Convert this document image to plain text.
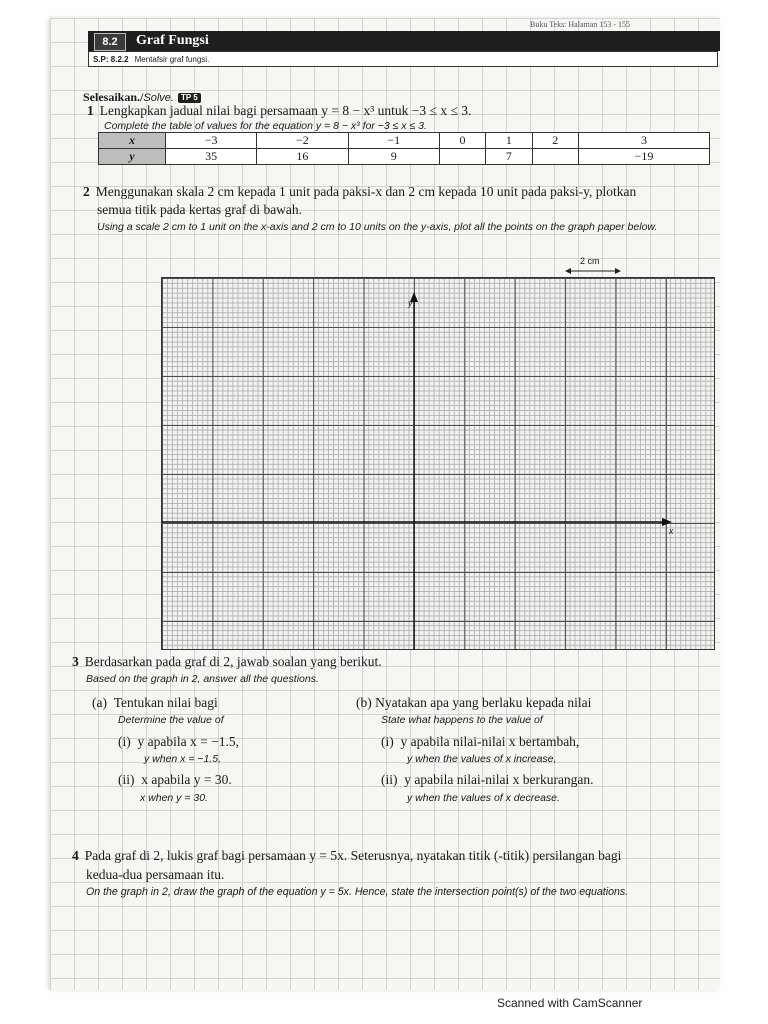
Buku Teks: Halaman 153 - 155
8.2	Graf Fungsi
S.P: 8.2.2 Mentafsir graf fungsi.
Selesaikan./Solve. TP 5
1 Lengkapkan jadual nilai bagi persamaan y = 8 − x³ untuk −3 ≤ x ≤ 3.
Complete the table of values for the equation y = 8 − x³ for −3 ≤ x ≤ 3.
x	−3	−2	−1	0	1	2	3
y	35	16	9		7		−19
2 Menggunakan skala 2 cm kepada 1 unit pada paksi-x dan 2 cm kepada 10 unit pada paksi-y, plotkan
semua titik pada kertas graf di bawah.
Using a scale 2 cm to 1 unit on the x-axis and 2 cm to 10 units on the y-axis, plot all the points on the graph paper below.
2 cm
y
x
3 Berdasarkan pada graf di 2, jawab soalan yang berikut.
Based on the graph in 2, answer all the questions.
(a) Tentukan nilai bagi
Determine the value of
(i) y apabila x = −1.5,
y when x = −1.5,
(ii) x apabila y = 30.
x when y = 30.
(b) Nyatakan apa yang berlaku kepada nilai
State what happens to the value of
(i) y apabila nilai-nilai x bertambah,
y when the values of x increase,
(ii) y apabila nilai-nilai x berkurangan.
y when the values of x decrease.
4 Pada graf di 2, lukis graf bagi persamaan y = 5x. Seterusnya, nyatakan titik (-titik) persilangan bagi
kedua-dua persamaan itu.
On the graph in 2, draw the graph of the equation y = 5x. Hence, state the intersection point(s) of the two equations.
Scanned with CamScanner
